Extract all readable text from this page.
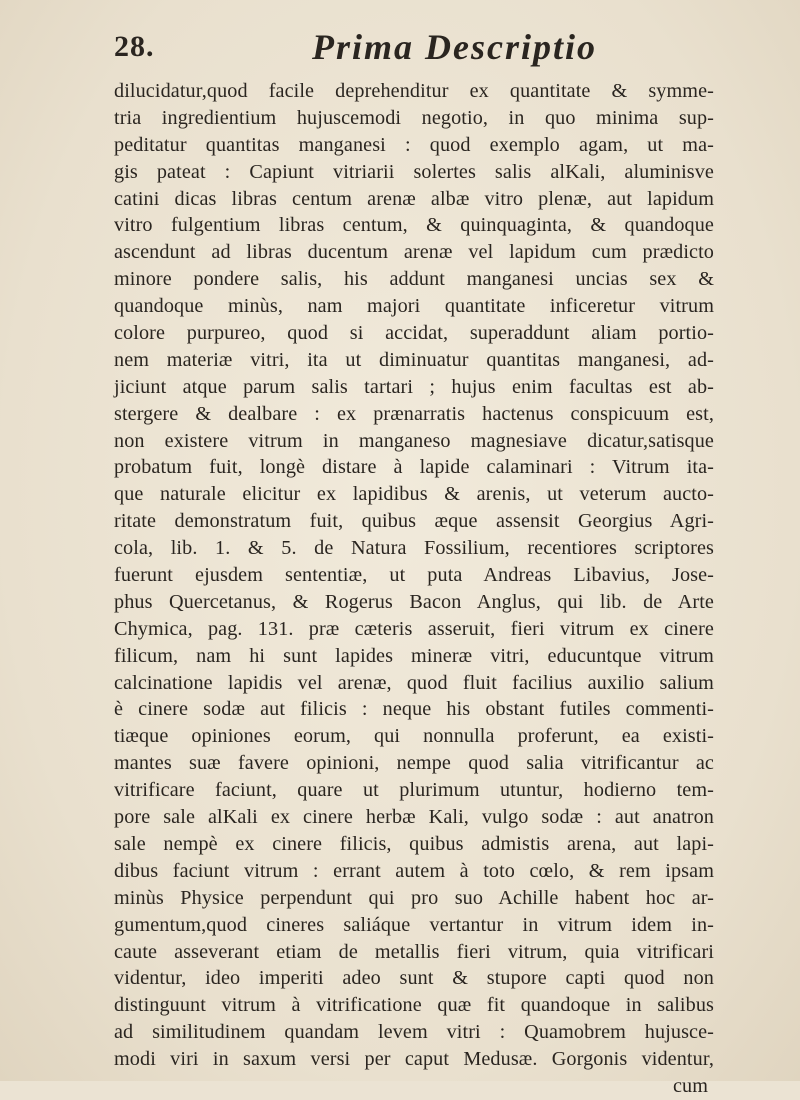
28.	Prima Descriptio
dilucidatur,quod facile deprehenditur ex quantitate & symme-
tria ingredientium hujuscemodi negotio, in quo minima sup-
peditatur quantitas manganesi : quod exemplo agam, ut ma-
gis pateat : Capiunt vitriarii solertes salis alKali, aluminisve
catini dicas libras centum arenæ albæ vitro plenæ, aut lapidum
vitro fulgentium libras centum, & quinquaginta, & quandoque
ascendunt ad libras ducentum arenæ vel lapidum cum prædicto
minore pondere salis, his addunt manganesi uncias sex &
quandoque minùs, nam majori quantitate inficeretur vitrum
colore purpureo, quod si accidat, superaddunt aliam portio-
nem materiæ vitri, ita ut diminuatur quantitas manganesi, ad-
jiciunt atque parum salis tartari ; hujus enim facultas est ab-
stergere & dealbare : ex prænarratis hactenus conspicuum est,
non existere vitrum in manganeso magnesiave dicatur,satisque
probatum fuit, longè distare à lapide calaminari : Vitrum ita-
que naturale elicitur ex lapidibus & arenis, ut veterum aucto-
ritate demonstratum fuit, quibus æque assensit Georgius Agri-
cola, lib. 1. & 5. de Natura Fossilium, recentiores scriptores
fuerunt ejusdem sententiæ, ut puta Andreas Libavius, Jose-
phus Quercetanus, & Rogerus Bacon Anglus, qui lib. de Arte
Chymica, pag. 131. præ cæteris asseruit, fieri vitrum ex cinere
filicum, nam hi sunt lapides mineræ vitri, educuntque vitrum
calcinatione lapidis vel arenæ, quod fluit facilius auxilio salium
è cinere sodæ aut filicis : neque his obstant futiles commenti-
tiæque opiniones eorum, qui nonnulla proferunt, ea existi-
mantes suæ favere opinioni, nempe quod salia vitrificantur ac
vitrificare faciunt, quare ut plurimum utuntur, hodierno tem-
pore sale alKali ex cinere herbæ Kali, vulgo sodæ : aut anatron
sale nempè ex cinere filicis, quibus admistis arena, aut lapi-
dibus faciunt vitrum : errant autem à toto cœlo, & rem ipsam
minùs Physice perpendunt qui pro suo Achille habent hoc ar-
gumentum,quod cineres saliáque vertantur in vitrum idem in-
caute asseverant etiam de metallis fieri vitrum, quia vitrificari
videntur, ideo imperiti adeo sunt & stupore capti quod non
distinguunt vitrum à vitrificatione quæ fit quandoque in salibus
ad similitudinem quandam levem vitri : Quamobrem hujusce-
modi viri in saxum versi per caput Medusæ. Gorgonis videntur,
cum
